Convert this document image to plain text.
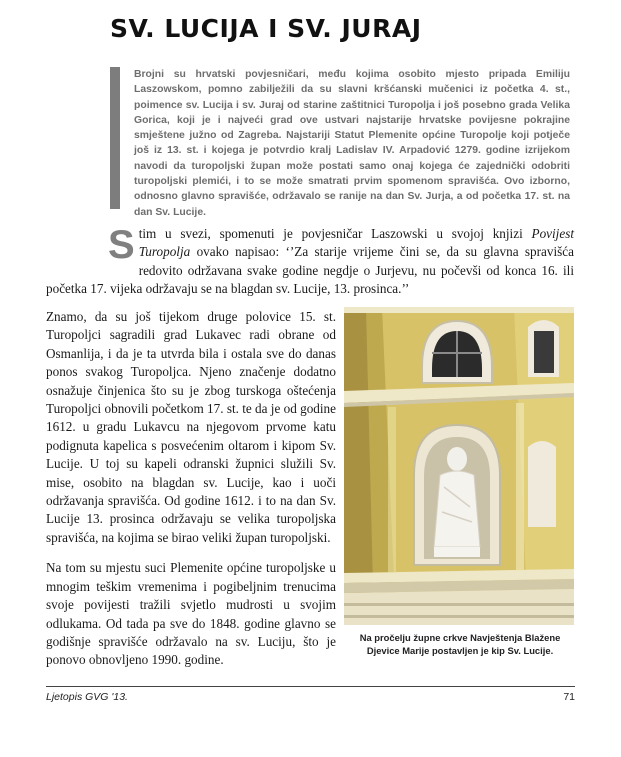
SV. LUCIJA I SV. JURAJ

Brojni su hrvatski povjesničari, među kojima osobito mjesto pripada Emiliju Laszowskom, pomno zabilježili da su slavni kršćanski mučenici iz početka 4. st., poimence sv. Lucija i sv. Juraj od starine zaštitnici Turopolja i još posebno grada Velika Gorica, koji je i najveći grad ove ustvari najstarije hrvatske povijesne pokrajine smještene južno od Zagreba. Najstariji Statut Plemenite općine Turopolje koji potječe još iz 13. st. i kojega je potvrdio kralj Ladislav IV. Arpadović 1279. godine izrijekom navodi da turopoljski župan može postati samo onaj kojega će zajednički odobriti turopoljski plemići, i to se može smatrati prvim spomenom spravišća. Ovo izborno, odnosno glavno spravišće, održavalo se ranije na dan Sv. Jurja, a od početka 17. st. na dan Sv. Lucije.

Stim u svezi, spomenuti je povjesničar Laszowski u svojoj knjizi Povijest Turopolja ovako napisao: ‘’Za starije vrijeme čini se, da su glavna spravišća redovito održavana svake godine negdje o Jurjevu, nu počevši od konca 16. ili početka 17. vijeka održavaju se na blagdan sv. Lucije, 13. prosinca.’’

Znamo, da su još tijekom druge polovice 15. st. Turopoljci sagradili grad Lukavec radi obrane od Osmanlija, i da je ta utvrda bila i ostala sve do danas ponos svakog Turopoljca. Njeno značenje dodatno osnažuje činjenica što su je zbog turskoga oštećenja Turopoljci obnovili početkom 17. st. te da je od godine 1612. u gradu Lukavcu na njegovom prvome katu podignuta kapelica s posvećenim oltarom i kipom Sv. Lucije. U toj su kapeli odranski župnici služili Sv. mise, osobito na blagdan sv. Lucije, kao i uoči održavanja spravišća. Od godine 1612. i to na dan Sv. Lucije 13. prosinca održavaju se velika turopoljska spravišća, na kojima se birao veliki župan turopoljski.

Na tom su mjestu suci Plemenite općine turopoljske u mnogim teškim vremenima i pogibeljnim trenucima svoje povijesti tražili svjetlo mudrosti u svojim odlukama. Od tada pa sve do 1848. godine glavno se godišnje spravišće održavalo na sv. Luciju, što je ponovo obnovljeno 1990. godine.

Na pročelju župne crkve Navještenja Blažene Djevice Marije postavljen je kip Sv. Lucije.
Ljetopis GVG '13.	71
